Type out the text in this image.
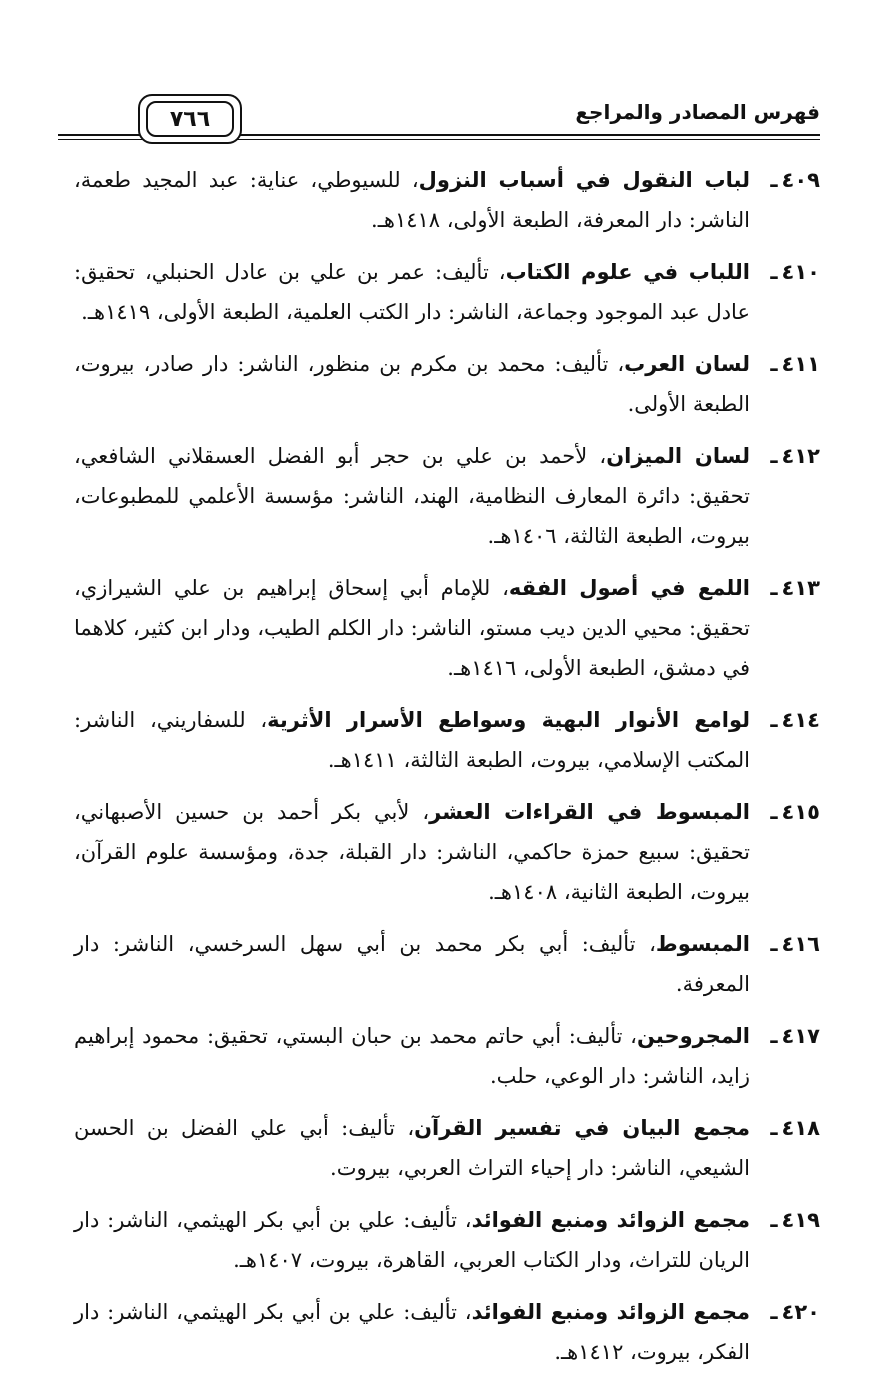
فهرس المصادر والمراجع
٧٦٦
٤٠٩ـ
لباب النقول في أسباب النزول، للسيوطي، عناية: عبد المجيد طعمة، الناشر: دار المعرفة، الطبعة الأولى، ١٤١٨هـ.
٤١٠ـ
اللباب في علوم الكتاب، تأليف: عمر بن علي بن عادل الحنبلي، تحقيق: عادل عبد الموجود وجماعة، الناشر: دار الكتب العلمية، الطبعة الأولى، ١٤١٩هـ.
٤١١ـ
لسان العرب، تأليف: محمد بن مكرم بن منظور، الناشر: دار صادر، بيروت، الطبعة الأولى.
٤١٢ـ
لسان الميزان، لأحمد بن علي بن حجر أبو الفضل العسقلاني الشافعي، تحقيق: دائرة المعارف النظامية، الهند، الناشر: مؤسسة الأعلمي للمطبوعات، بيروت، الطبعة الثالثة، ١٤٠٦هـ.
٤١٣ـ
اللمع في أصول الفقه، للإمام أبي إسحاق إبراهيم بن علي الشيرازي، تحقيق: محيي الدين ديب مستو، الناشر: دار الكلم الطيب، ودار ابن كثير، كلاهما في دمشق، الطبعة الأولى، ١٤١٦هـ.
٤١٤ـ
لوامع الأنوار البهية وسواطع الأسرار الأثرية، للسفاريني، الناشر: المكتب الإسلامي، بيروت، الطبعة الثالثة، ١٤١١هـ.
٤١٥ـ
المبسوط في القراءات العشر، لأبي بكر أحمد بن حسين الأصبهاني، تحقيق: سبيع حمزة حاكمي، الناشر: دار القبلة، جدة، ومؤسسة علوم القرآن، بيروت، الطبعة الثانية، ١٤٠٨هـ.
٤١٦ـ
المبسوط، تأليف: أبي بكر محمد بن أبي سهل السرخسي، الناشر: دار المعرفة.
٤١٧ـ
المجروحين، تأليف: أبي حاتم محمد بن حبان البستي، تحقيق: محمود إبراهيم زايد، الناشر: دار الوعي، حلب.
٤١٨ـ
مجمع البيان في تفسير القرآن، تأليف: أبي علي الفضل بن الحسن الشيعي، الناشر: دار إحياء التراث العربي، بيروت.
٤١٩ـ
مجمع الزوائد ومنبع الفوائد، تأليف: علي بن أبي بكر الهيثمي، الناشر: دار الريان للتراث، ودار الكتاب العربي، القاهرة، بيروت، ١٤٠٧هـ.
٤٢٠ـ
مجمع الزوائد ومنبع الفوائد، تأليف: علي بن أبي بكر الهيثمي، الناشر: دار الفكر، بيروت، ١٤١٢هـ.
